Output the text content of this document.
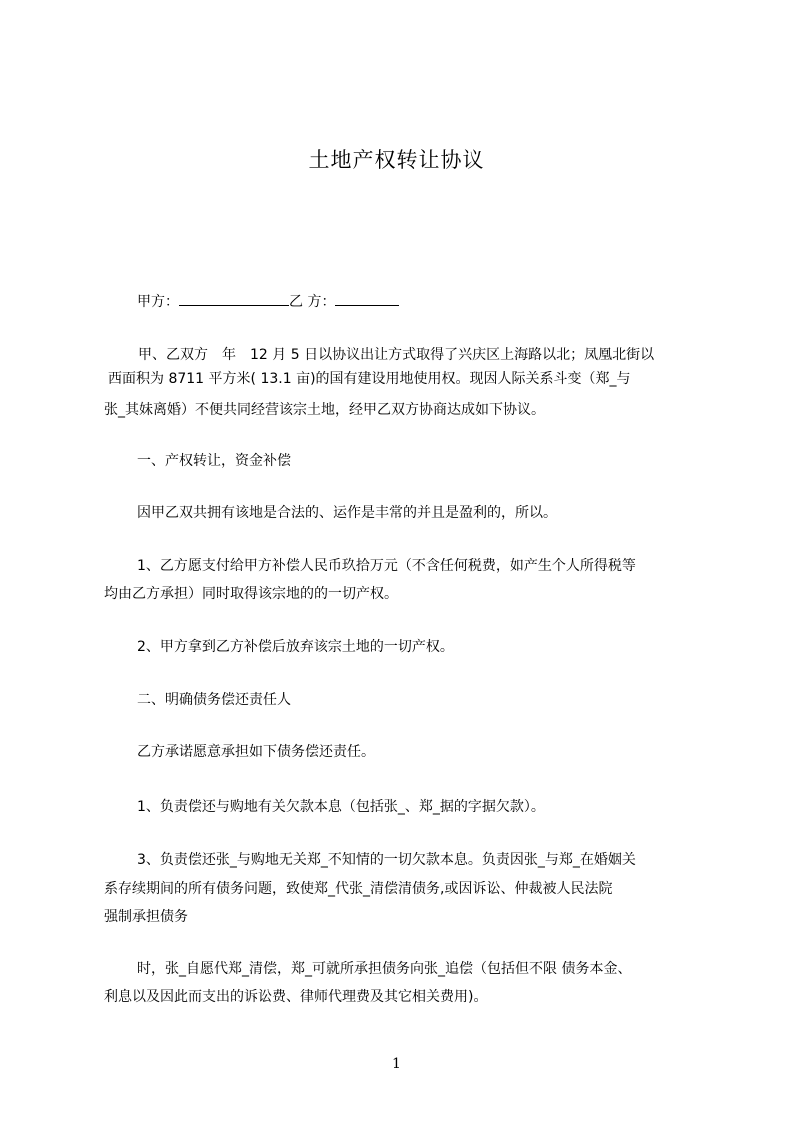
土地产权转让协议
甲方：	乙 方：
甲、乙双方　年　12 月 5 日以协议出让方式取得了兴庆区上海路以北；凤凰北街以
西面积为 8711 平方米( 13.1 亩)的国有建设用地使用权。现因人际关系斗变（郑_与
张_其妹离婚）不便共同经营该宗土地，经甲乙双方协商达成如下协议。
一、产权转让，资金补偿
因甲乙双共拥有该地是合法的、运作是丰常的并且是盈利的，所以。
1、乙方愿支付给甲方补偿人民币玖拾万元（不含任何税费，如产生个人所得税等
均由乙方承担）同时取得该宗地的的一切产权。
2、甲方拿到乙方补偿后放弃该宗土地的一切产权。
二、明确债务偿还责任人
乙方承诺愿意承担如下债务偿还责任。
1、负责偿还与购地有关欠款本息（包括张_、郑_据的字据欠款）。
3、负责偿还张_与购地无关郑_不知情的一切欠款本息。负责因张_与郑_在婚姻关
系存续期间的所有债务问题，致使郑_代张_清偿清债务,或因诉讼、仲裁被人民法院
强制承担债务
时，张_自愿代郑_清偿，郑_可就所承担债务向张_追偿（包括但不限 债务本金、
利息以及因此而支出的诉讼费、律师代理费及其它相关费用)。
1
